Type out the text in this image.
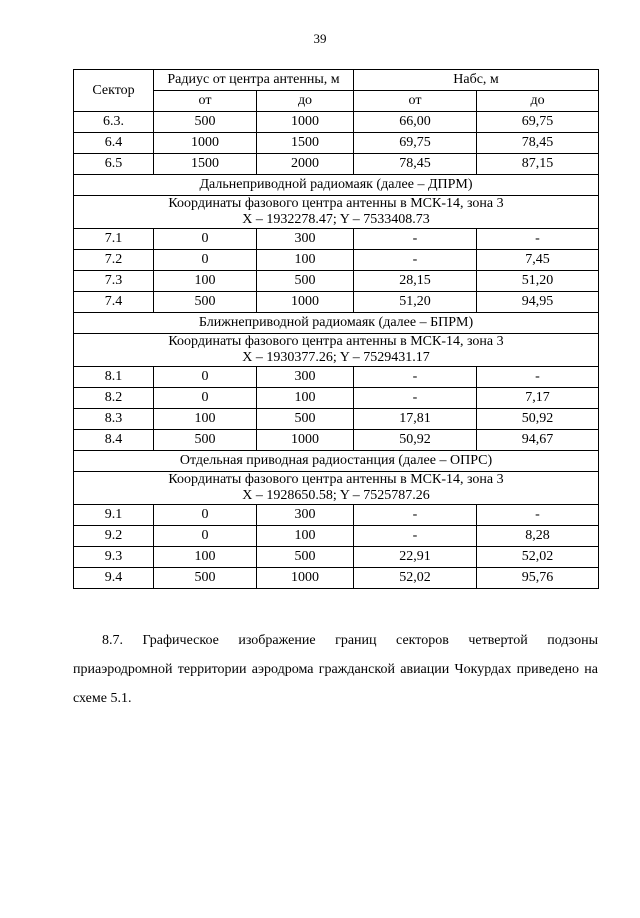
39
Сектор	Радиус от центра антенны, м		Набс, м	
	от	до	от	до
6.3.	500	1000	66,00	69,75
6.4	1000	1500	69,75	78,45
6.5	1500	2000	78,45	87,15
Дальнеприводной радиомаяк (далее – ДПРМ)				

Координаты фазового центра антенны в МСК-14, зона 3
X – 1932278.47; Y – 7533408.73				

7.1	0	300	-	-
7.2	0	100	-	7,45
7.3	100	500	28,15	51,20
7.4	500	1000	51,20	94,95
Ближнеприводной радиомаяк (далее – БПРМ)				

Координаты фазового центра антенны в МСК-14, зона 3
X – 1930377.26; Y – 7529431.17				

8.1	0	300	-	-
8.2	0	100	-	7,17
8.3	100	500	17,81	50,92
8.4	500	1000	50,92	94,67
Отдельная приводная радиостанция (далее – ОПРС)				

Координаты фазового центра антенны в МСК-14, зона 3
X – 1928650.58; Y – 7525787.26				

9.1	0	300	-	-
9.2	0	100	-	8,28
9.3	100	500	22,91	52,02
9.4	500	1000	52,02	95,76
8.7. Графическое изображение границ секторов четвертой подзоны
приаэродромной территории аэродрома гражданской авиации Чокурдах приведено на
схеме 5.1.
